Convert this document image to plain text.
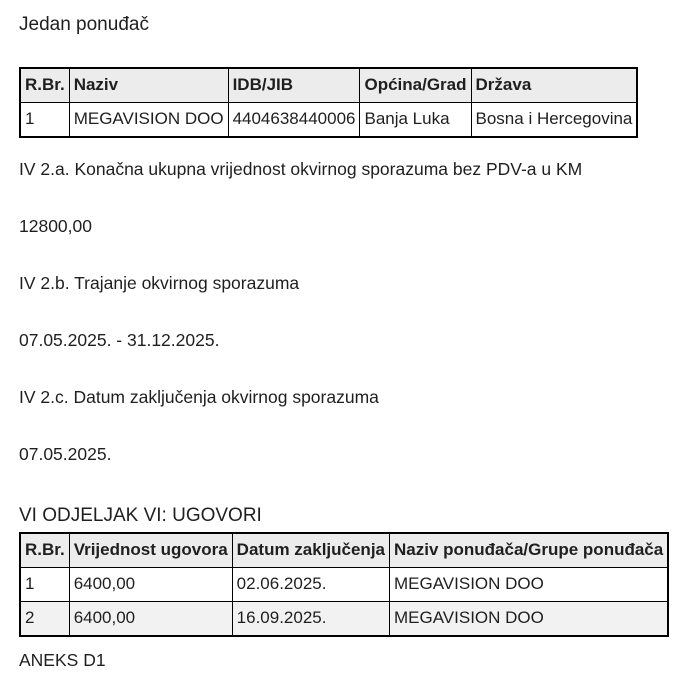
Jedan ponuđač
R.Br.	Naziv	IDB/JIB	Općina/Grad	Država
1	MEGAVISION DOO	4404638440006	Banja Luka	Bosna i Hercegovina

IV 2.a. Konačna ukupna vrijednost okvirnog sporazuma bez PDV-a u KM

12800,00

IV 2.b. Trajanje okvirnog sporazuma

07.05.2025. - 31.12.2025.

IV 2.c. Datum zaključenja okvirnog sporazuma

07.05.2025.

VI ODJELJAK VI: UGOVORI
R.Br.	Vrijednost ugovora	Datum zaključenja	Naziv ponuđača/Grupe ponuđača
1	6400,00	02.06.2025.	MEGAVISION DOO
2	6400,00	16.09.2025.	MEGAVISION DOO

ANEKS D1
